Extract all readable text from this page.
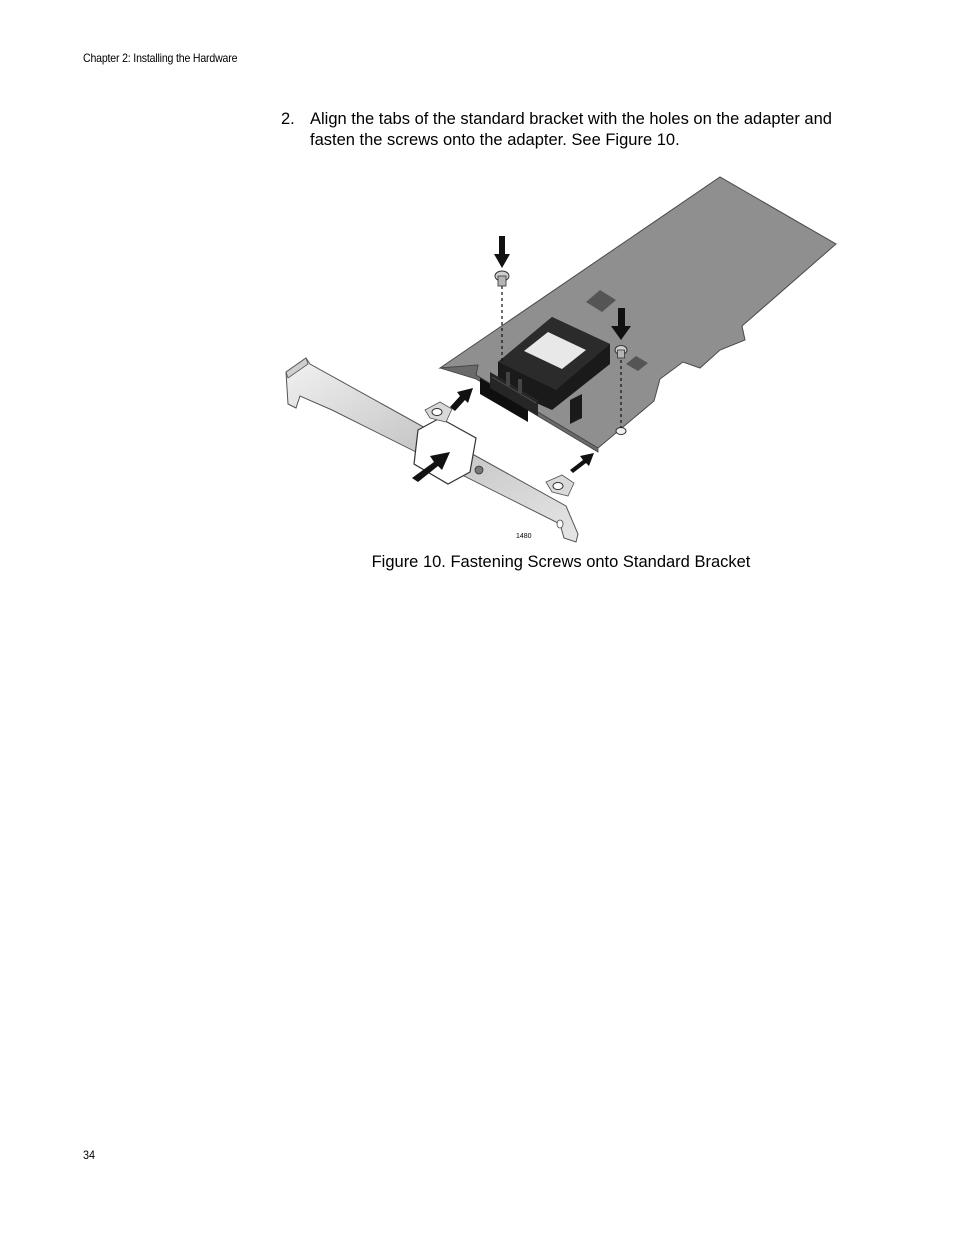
Chapter 2: Installing the Hardware
2. Align the tabs of the standard bracket with the holes on the adapter and fasten the screws onto the adapter. See Figure 10.
1480
Figure 10. Fastening Screws onto Standard Bracket
34
